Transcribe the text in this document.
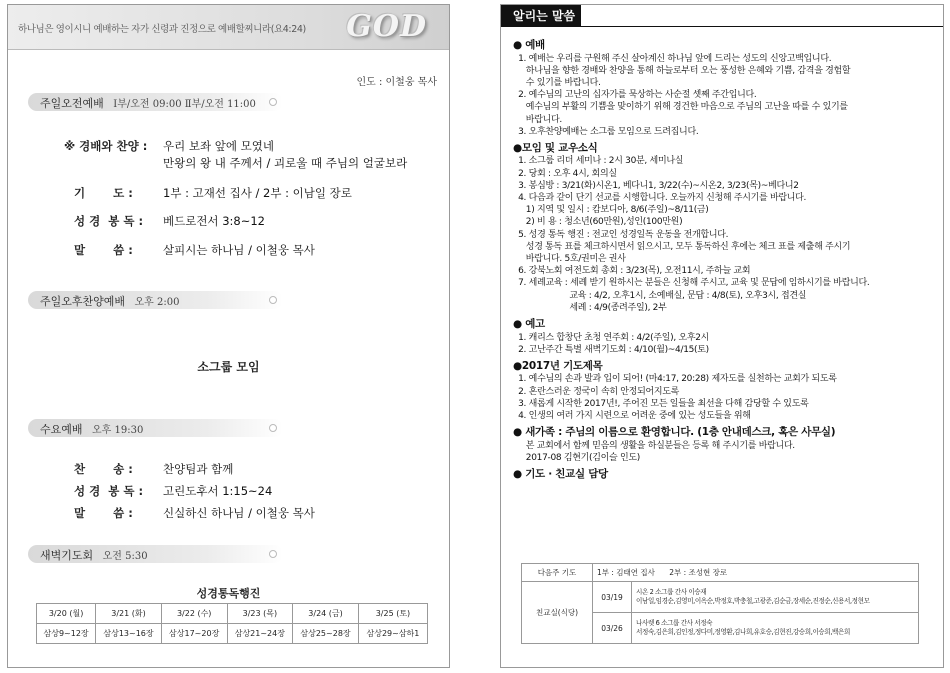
하나님은 영이시니 예배하는 자가 신령과 진정으로 예배할찌니라(요4:24) GOD
인도 : 이철웅 목사
주일오전예배 Ⅰ부/오전 09:00 Ⅱ부/오전 11:00
※ 경배와 찬양 : 우리 보좌 앞에 모였네
만왕의 왕 내 주께서 / 괴로울 때 주님의 얼굴보라
기       도 :	1부 : 고재선 집사 / 2부 : 이남일 장로
성 경  봉 독 : 베드로전서 3:8~12
말       씀 :	살피시는 하나님 / 이철웅 목사
주일오후찬양예배 오후 2:00
소그룹 모임
수요예배 오후 19:30
찬       송 :	찬양팀과 함께
성 경  봉 독 : 고린도후서 1:15~24
말       씀 :	신실하신 하나님 / 이철웅 목사
새벽기도회 오전 5:30
성경통독행진
3/20 (월)	3/21 (화)	3/22 (수)	3/23 (목)	3/24 (금)	3/25 (토)
삼상9~12장	삼상13~16장	삼상17~20장	삼상21~24장	삼상25~28장	삼상29~삼하1
알리는 말씀
● 예배
1. 예배는 우리를 구원해 주신 살아계신 하나님 앞에 드리는 성도의 신앙고백입니다.
하나님을 향한 경배와 찬양을 통해 하늘로부터 오는 풍성한 은혜와 기쁨, 감격을 경험할
수 있기를 바랍니다.
2. 예수님의 고난의 십자가를 묵상하는 사순절 셋째 주간입니다.
예수님의 부활의 기쁨을 맞이하기 위해 경건한 마음으로 주님의 고난을 따를 수 있기를
바랍니다.
3. 오후찬양예배는 소그룹 모임으로 드려집니다.
●모임 및 교우소식
1. 소그룹 리더 세미나 : 2시 30분, 세미나실
2. 당회 : 오후 4시, 회의실
3. 봉심방 : 3/21(화)시온1, 베다니1, 3/22(수)~시온2, 3/23(목)~베다니2
4. 다음과 같이 단기 선교를 시행합니다. 오늘까지 신청해 주시기를 바랍니다.
1) 지역 및 일시 : 캄보디아, 8/6(주일)~8/11(금)
2) 비 용 : 청소년(60만원),성인(100만원)
5. 성경 통독 행진 : 전교인 성경일독 운동을 전개합니다.
성경 통독 표를 체크하시면서 읽으시고, 모두 통독하신 후에는 체크 표를 제출해 주시기
바랍니다. 5호/권미은 권사
6. 강북노회 여전도회 총회 : 3/23(목), 오전11시, 주하늘 교회
7. 세례교육 : 세례 받기 원하시는 분들은 신청해 주시고, 교육 및 문답에 임하시기를 바랍니다.
교육 : 4/2, 오후1시, 소예배실, 문답 : 4/8(토), 오후3시, 접견실
세례 : 4/9(종려주일), 2부
● 예고
1. 캐리스 합창단 초청 연주회 : 4/2(주일), 오후2시
2. 고난주간 특별 새벽기도회 : 4/10(월)~4/15(토)
●2017년 기도제목
1. 예수님의 손과 발과 입이 되어! (마4:17, 20:28) 제자도를 실천하는 교회가 되도록
2. 혼란스러운 정국이 속히 안정되어지도록
3. 새롭게 시작한 2017년!, 주어진 모든 일들을 최선을 다해 감당할 수 있도록
4. 인생의 여러 가지 시련으로 어려운 중에 있는 성도들을 위해
● 새가족 : 주님의 이름으로 환영합니다. (1층 안내데스크, 혹은 사무실)
본 교회에서 함께 믿음의 생활을 하실분들은 등록 해 주시기를 바랍니다.
2017-08 김현기(김이슬 인도)
● 기도 · 친교실 담당
다음주 기도	1부 : 김태연 집사      2부 : 조성현 장로	
친교실(식당)	03/19	시온 2 소그룹 간사 이승재
이남일,임경순,김영미,이옥순,박정호,박충철,고광준,김순금,장세순,진정순,신용서,정현모

	03/26	나사렛 6 소그룹 간사 서정숙
서정숙,김은희,김인정,정다미,정영환,김나희,유호승,김현진,강승희,이승희,백은희
